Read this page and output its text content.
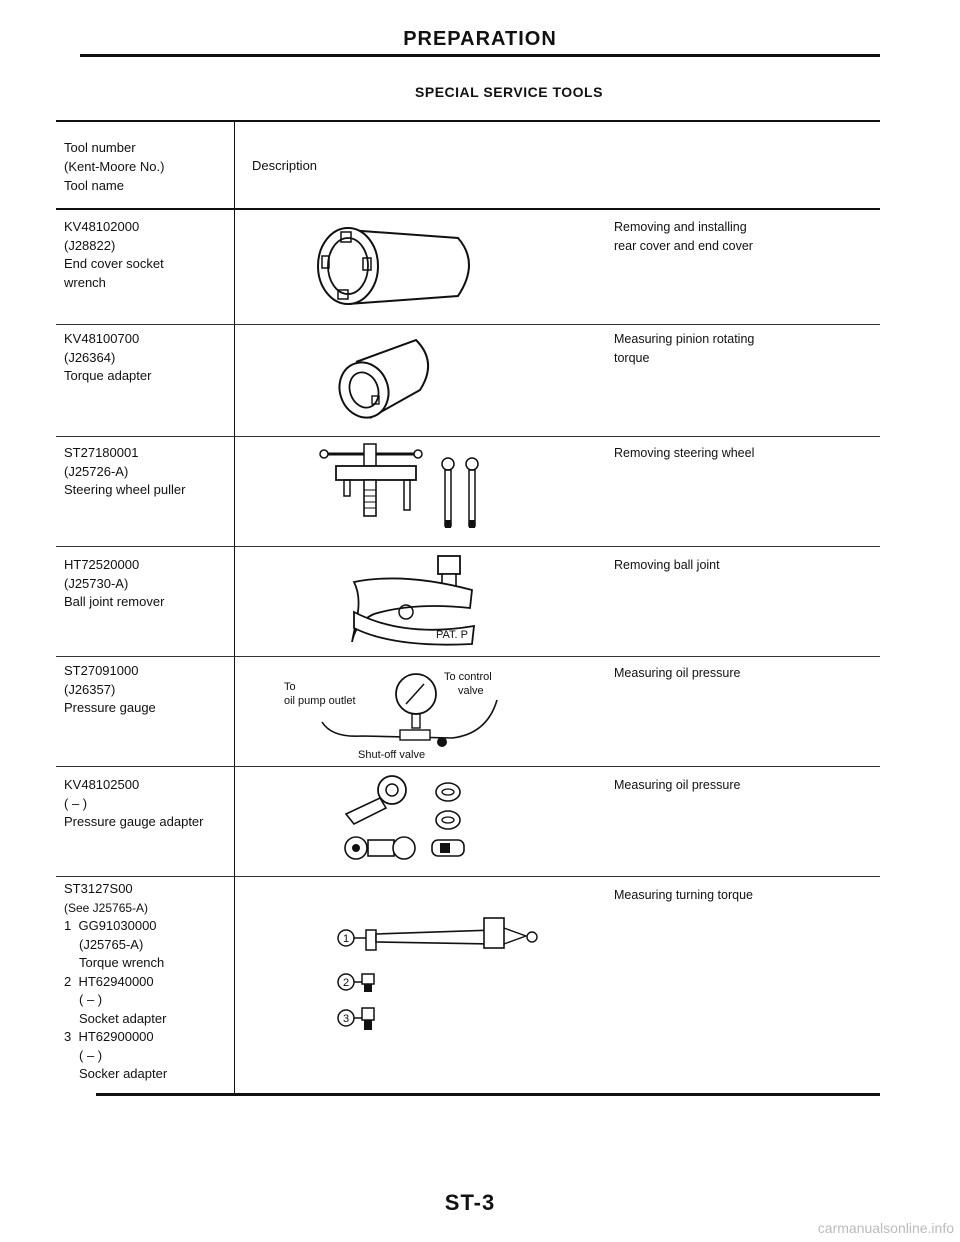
PREPARATION
SPECIAL SERVICE TOOLS
Tool number
(Kent-Moore No.)
Tool name
Description
KV48102000
(J28822)
End cover socket
wrench
Removing and installing
rear cover and end cover
KV48100700
(J26364)
Torque adapter
Measuring pinion rotating
torque
ST27180001
(J25726-A)
Steering wheel puller
Removing steering wheel
HT72520000
(J25730-A)
Ball joint remover
PAT. P
Removing ball joint
ST27091000
(J26357)
Pressure gauge
To
oil pump outlet
To control
valve
Shut-off valve
Measuring oil pressure
KV48102500
( – )
Pressure gauge adapter
Measuring oil pressure
ST3127S00
(See J25765-A)
1 GG91030000
(J25765-A)
Torque wrench
2 HT62940000
( – )
Socket adapter
3 HT62900000
( – )
Socker adapter
1
2
3
Measuring turning torque
ST-3
carmanualsonline.info
